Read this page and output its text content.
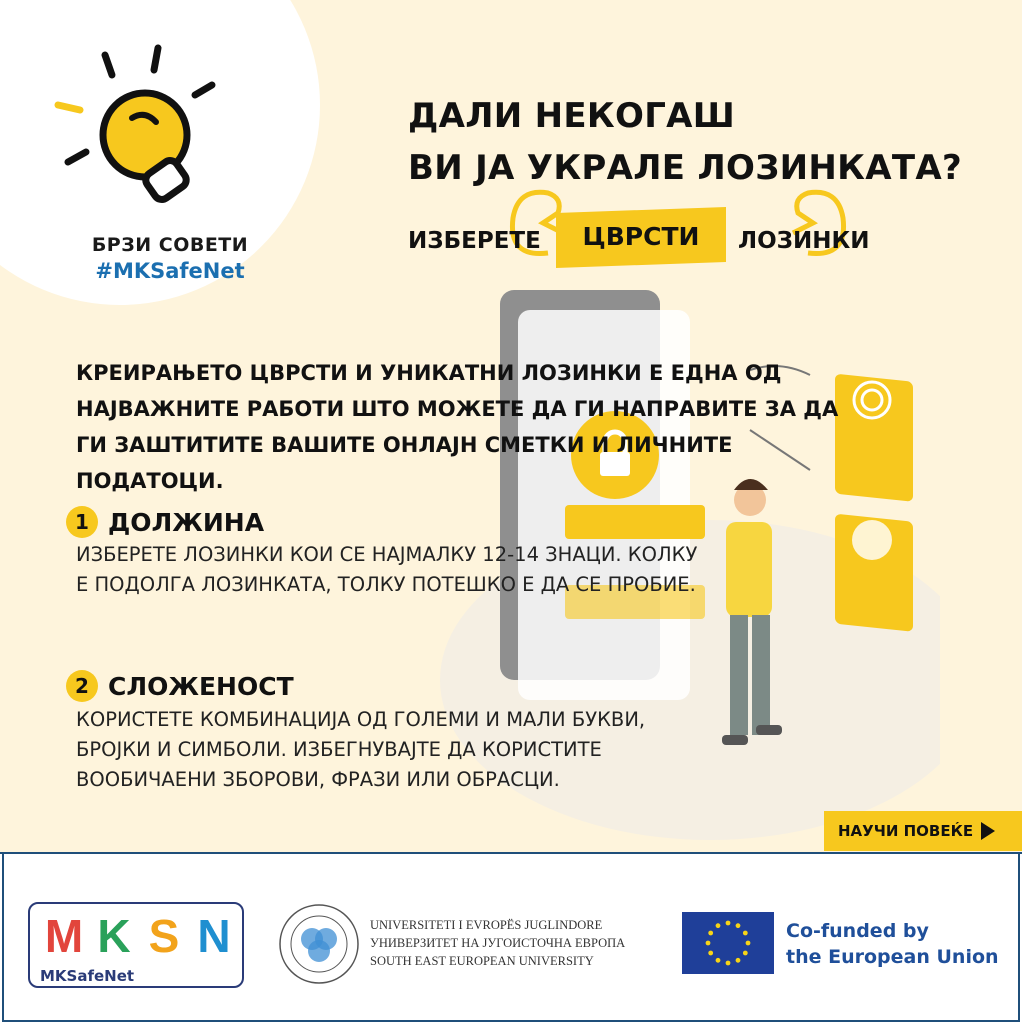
БРЗИ СОВЕТИ
#MKSafeNet
ДАЛИ НЕКОГАШ
ВИ ЈА УКРАЛЕ ЛОЗИНКАТА?
ИЗБЕРЕТЕ	ЦВРСТИ	ЛОЗИНКИ
КРЕИРАЊЕТО ЦВРСТИ И УНИКАТНИ ЛОЗИНКИ Е ЕДНА ОД НАЈВАЖНИТЕ РАБОТИ ШТО МОЖЕТЕ ДА ГИ НАПРАВИТЕ ЗА ДА ГИ ЗАШТИТИТЕ ВАШИТЕ ОНЛАЈН СМЕТКИ И ЛИЧНИТЕ ПОДАТОЦИ.
1 ДОЛЖИНА
ИЗБЕРЕТЕ ЛОЗИНКИ КОИ СЕ НАЈМАЛКУ 12-14 ЗНАЦИ. КОЛКУ
Е ПОДОЛГА ЛОЗИНКАТА, ТОЛКУ ПОТЕШКО Е ДА СЕ ПРОБИЕ.
2 СЛОЖЕНОСТ
КОРИСТЕТЕ КОМБИНАЦИЈА ОД ГОЛЕМИ И МАЛИ БУКВИ,
БРОЈКИ И СИМБОЛИ. ИЗБЕГНУВАЈТЕ ДА КОРИСТИТЕ
ВООБИЧАЕНИ ЗБОРОВИ, ФРАЗИ ИЛИ ОБРАСЦИ.
НАУЧИ ПОВЕЌЕ
M K S N
MKSafeNet
UNIVERSITETI I EVROPËS JUGLINDORE
УНИВЕРЗИТЕТ НА ЈУГОИСТОЧНА ЕВРОПА
SOUTH EAST EUROPEAN UNIVERSITY
Co-funded by
the European Union
